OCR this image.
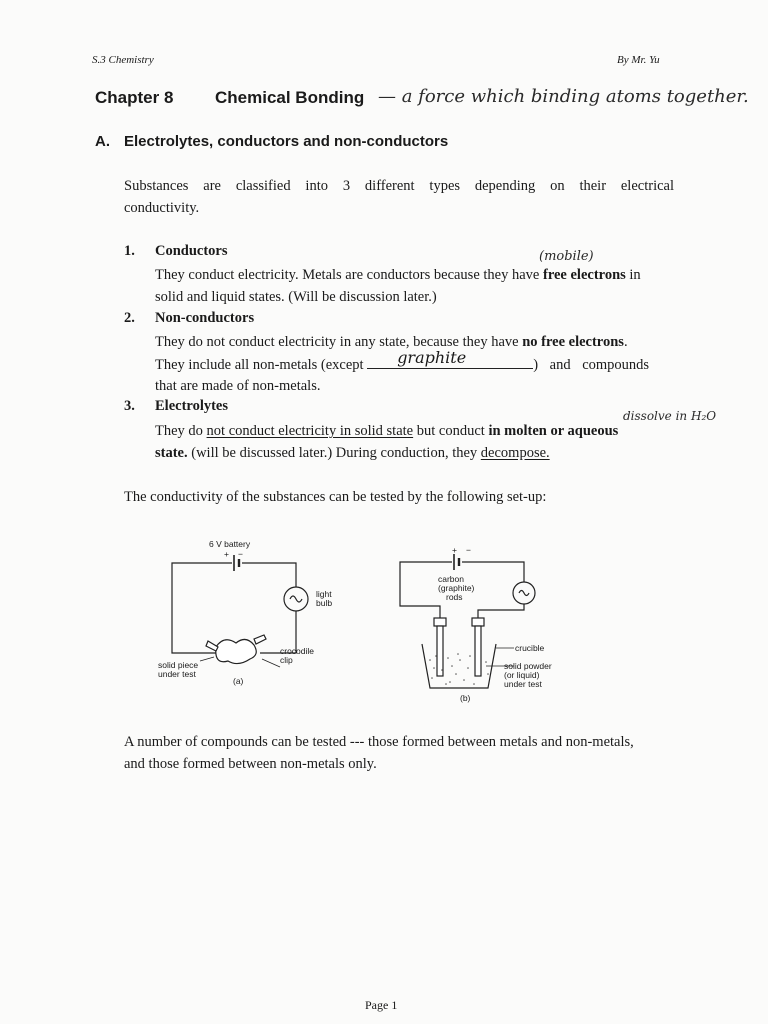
S.3 Chemistry	By Mr. Yu
Chapter 8 Chemical Bonding — a force which binding atoms together.
A. Electrolytes, conductors and non-conductors
Substances are classified into 3 different types depending on their electrical
conductivity.
1. Conductors	(mobile)
They conduct electricity. Metals are conductors because they have free electrons in
solid and liquid states. (Will be discussion later.)
2. Non-conductors
They do not conduct electricity in any state, because they have no free electrons.
They include all non-metals (except graphite	) and compounds
that are made of non-metals.
3. Electrolytes
dissolve in H₂O
They do not conduct electricity in solid state but conduct in molten or aqueous
state. (will be discussed later.) During conduction, they decompose.
The conductivity of the substances can be tested by the following set-up:
6 V battery
+ −
light
bulb
crocodile
clip
solid piece
under test
(a)
+ −
carbon
(graphite)
rods
crucible
solid powder
(or liquid)
under test
(b)
A number of compounds can be tested --- those formed between metals and non-metals,
and those formed between non-metals only.
Page 1
